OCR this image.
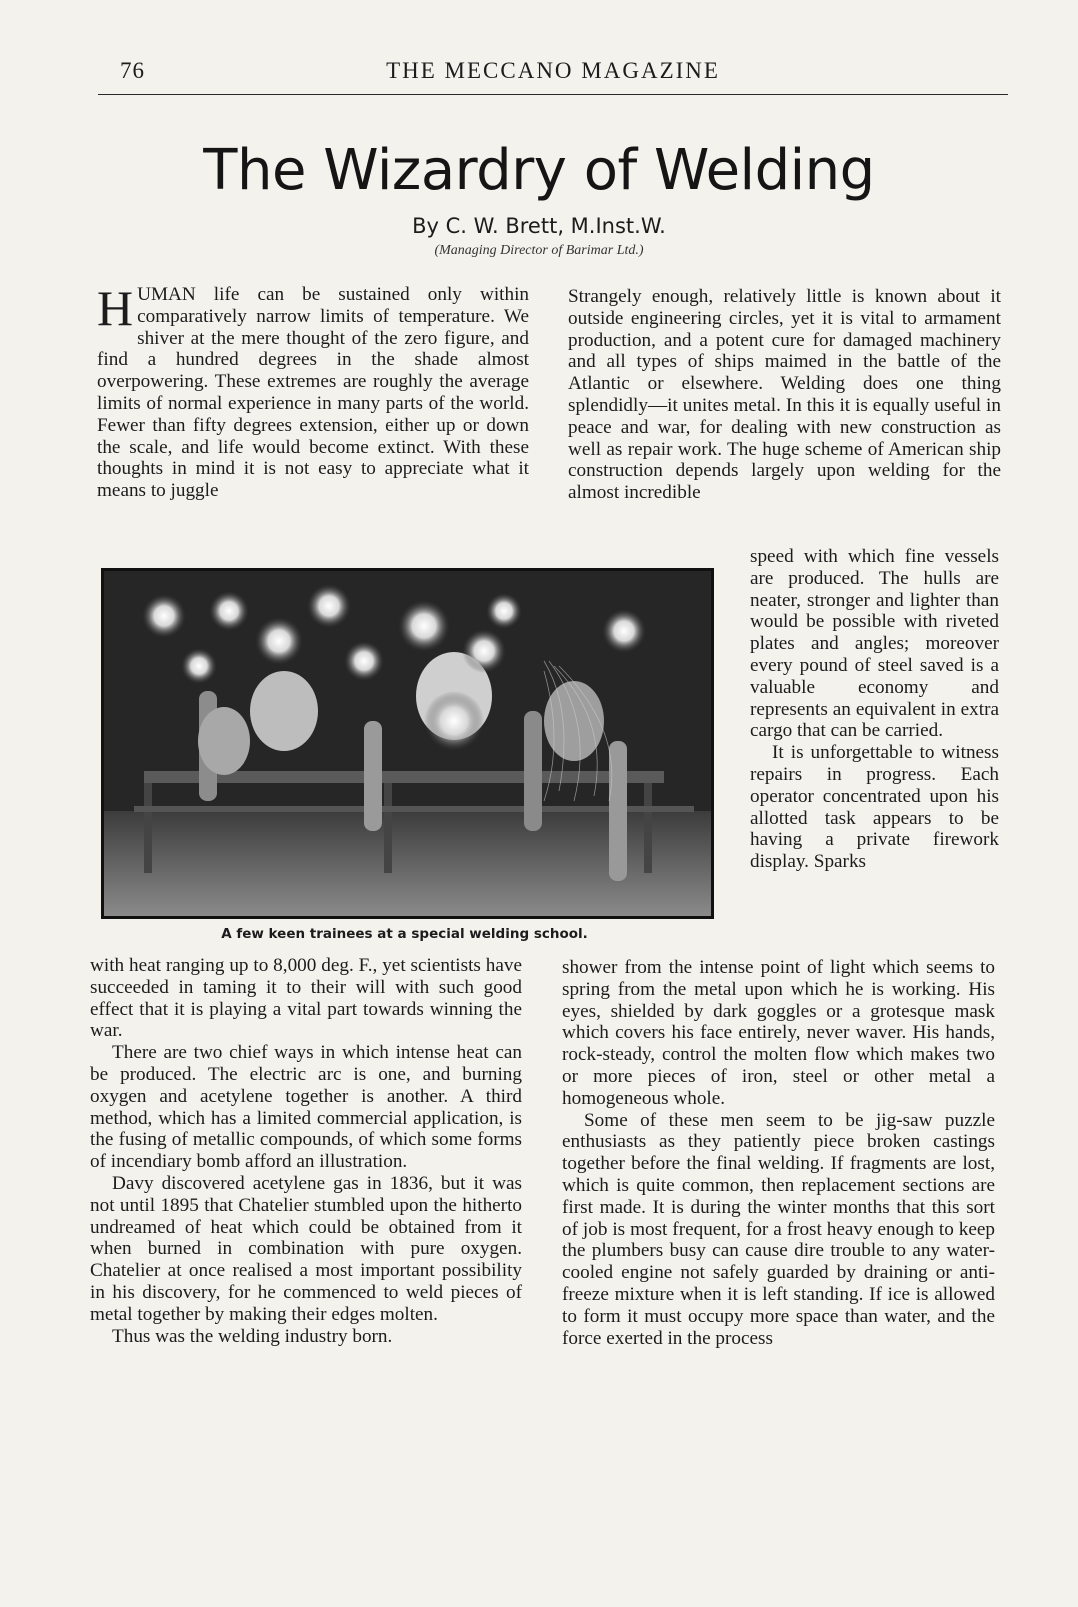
76	THE MECCANO MAGAZINE
The Wizardry of Welding
By C. W. Brett, M.Inst.W.
(Managing Director of Barimar Ltd.)

HUMAN life can be sustained only within comparatively narrow limits of temperature. We shiver at the mere thought of the zero figure, and find a hundred degrees in the shade almost overpowering. These extremes are roughly the average limits of normal experience in many parts of the world. Fewer than fifty degrees extension, either up or down the scale, and life would become extinct. With these thoughts in mind it is not easy to appreciate what it means to juggle

Strangely enough, relatively little is known about it outside engineering circles, yet it is vital to armament production, and a potent cure for damaged machinery and all types of ships maimed in the battle of the Atlantic or elsewhere. Welding does one thing splendidly—it unites metal. In this it is equally useful in peace and war, for dealing with new construction as well as repair work. The huge scheme of American ship construction depends largely upon welding for the almost incredible

speed with which fine vessels are produced. The hulls are neater, stronger and lighter than would be possible with riveted plates and angles; moreover every pound of steel saved is a valuable economy and represents an equivalent in extra cargo that can be carried.

It is unforgettable to witness repairs in progress. Each operator concentrated upon his allotted task appears to be having a private firework display. Sparks

A few keen trainees at a special welding school.

with heat ranging up to 8,000 deg. F., yet scientists have succeeded in taming it to their will with such good effect that it is playing a vital part towards winning the war.

There are two chief ways in which intense heat can be produced. The electric arc is one, and burning oxygen and acetylene together is another. A third method, which has a limited commercial application, is the fusing of metallic compounds, of which some forms of incendiary bomb afford an illustration.

Davy discovered acetylene gas in 1836, but it was not until 1895 that Chatelier stumbled upon the hitherto undreamed of heat which could be obtained from it when burned in combination with pure oxygen. Chatelier at once realised a most important possibility in his discovery, for he commenced to weld pieces of metal together by making their edges molten.

Thus was the welding industry born.

shower from the intense point of light which seems to spring from the metal upon which he is working. His eyes, shielded by dark goggles or a grotesque mask which covers his face entirely, never waver. His hands, rock-steady, control the molten flow which makes two or more pieces of iron, steel or other metal a homogeneous whole.

Some of these men seem to be jig-saw puzzle enthusiasts as they patiently piece broken castings together before the final welding. If fragments are lost, which is quite common, then replacement sections are first made. It is during the winter months that this sort of job is most frequent, for a frost heavy enough to keep the plumbers busy can cause dire trouble to any water-cooled engine not safely guarded by draining or anti-freeze mixture when it is left standing. If ice is allowed to form it must occupy more space than water, and the force exerted in the process
